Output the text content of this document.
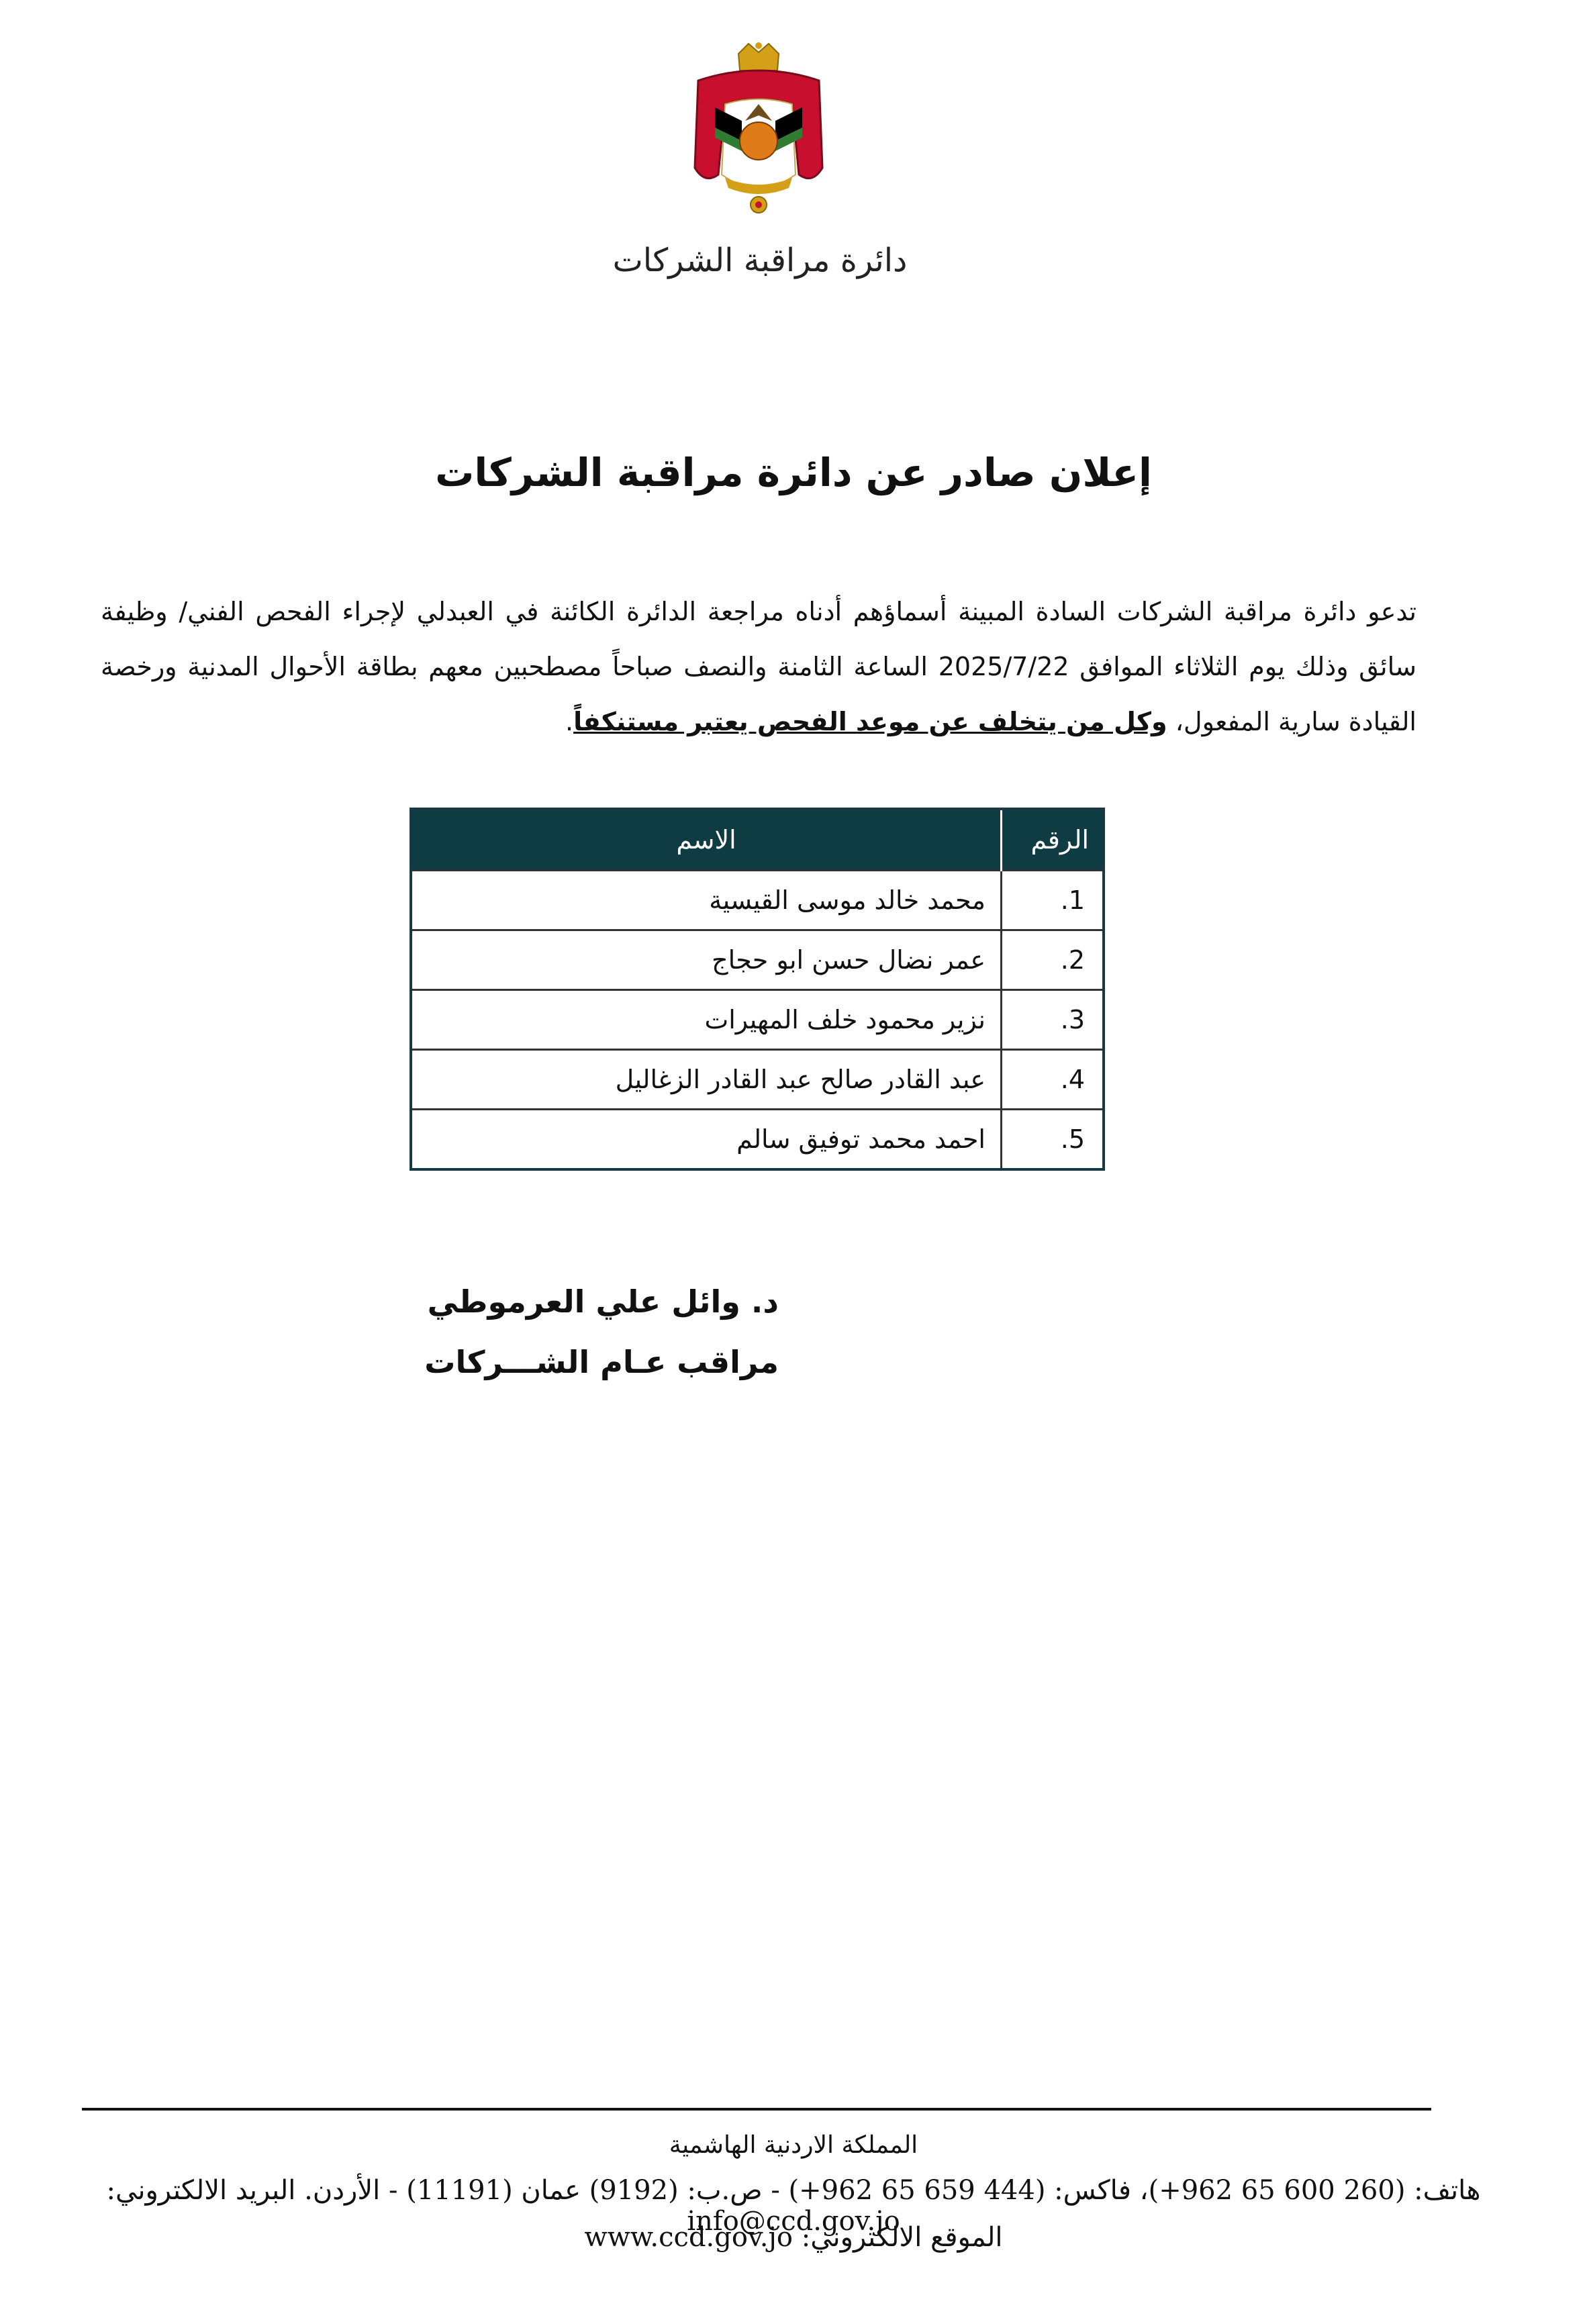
دائرة مراقبة الشركات
إعلان صادر عن دائرة مراقبة الشركات
تدعو دائرة مراقبة الشركات السادة المبينة أسماؤهم أدناه مراجعة الدائرة الكائنة في العبدلي لإجراء الفحص الفني/ وظيفة سائق وذلك يوم الثلاثاء الموافق 2025/7/22 الساعة الثامنة والنصف صباحاً مصطحبين معهم بطاقة الأحوال المدنية ورخصة القيادة سارية المفعول، وكل من يتخلف عن موعد الفحص يعتبر مستنكفاً.
الرقم	الاسم
1.	محمد خالد موسى القيسية
2.	عمر نضال حسن ابو حجاج
3.	نزير محمود خلف المهيرات
4.	عبد القادر صالح عبد القادر الزغاليل
5.	احمد محمد توفيق سالم
د. وائل علي العرموطي
مراقب عـام الشـــركات
المملكة الاردنية الهاشمية
هاتف: (260 600 65 962+)، فاكس: (444 659 65 962+) - ص.ب: (9192) عمان (11191) - الأردن. البريد الالكتروني: info@ccd.gov.jo
الموقع الالكتروني: www.ccd.gov.jo
